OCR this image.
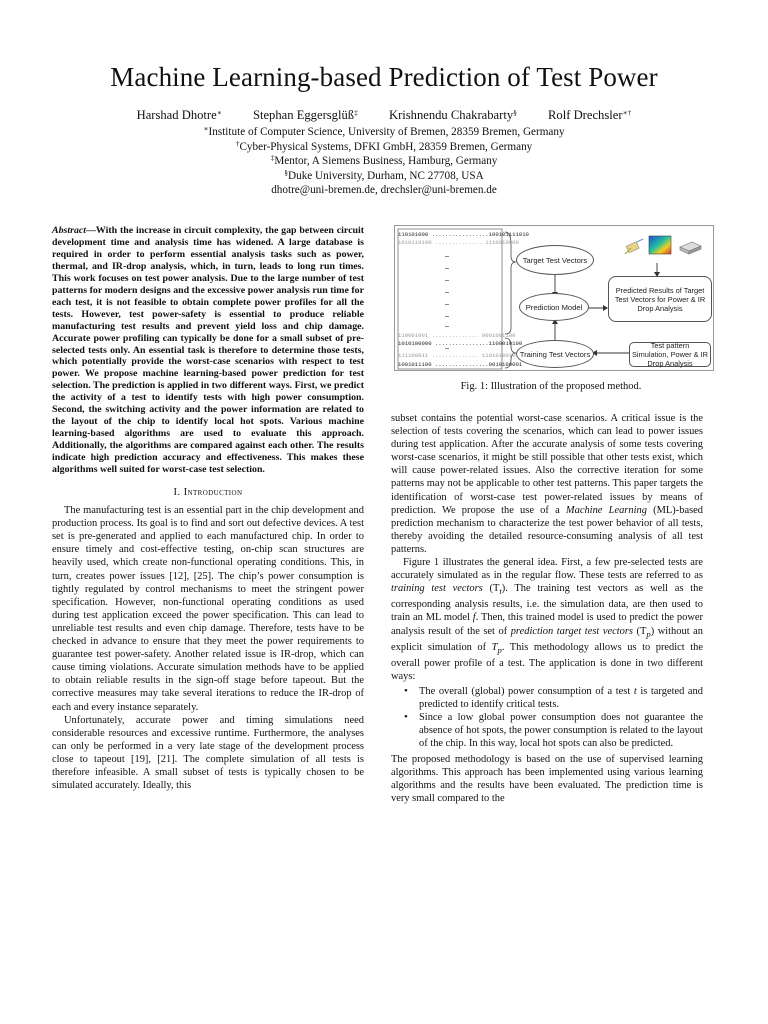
Machine Learning-based Prediction of Test Power
Harshad Dhotre∗ Stephan Eggersglüß‡ Krishnendu Chakrabarty§ Rolf Drechsler∗†
∗Institute of Computer Science, University of Bremen, 28359 Bremen, Germany
†Cyber-Physical Systems, DFKI GmbH, 28359 Bremen, Germany
‡Mentor, A Siemens Business, Hamburg, Germany
§Duke University, Durham, NC 27708, USA
dhotre@uni-bremen.de, drechsler@uni-bremen.de

Abstract—With the increase in circuit complexity, the gap between circuit development time and analysis time has widened. A large database is required in order to perform essential analysis tasks such as power, thermal, and IR-drop analysis, which, in turn, leads to long run times. This work focuses on test power analysis. Due to the large number of test patterns for modern designs and the excessive power analysis run time for each test, it is not feasible to obtain complete power profiles for all the tests. However, test power-safety is essential to produce reliable manufacturing test results and prevent yield loss and chip damage. Accurate power profiling can typically be done for a small subset of pre-selected tests only. An essential task is therefore to determine those tests, which potentially provide the worst-case scenarios with respect to test power. We propose machine learning-based power prediction for test selection. The prediction is applied in two different ways. First, we predict the activity of a test to identify tests with high power consumption. Second, the switching activity and the power information are related to the layout of the chip to identify local hot spots. Various machine learning-based algorithms are used to evaluate this approach. Additionally, the algorithms are compared against each other. The results indicate high prediction accuracy and effectiveness. This makes these algorithms well suited for worst-case test selection.

I. Introduction

The manufacturing test is an essential part in the chip development and production process. Its goal is to find and sort out defective devices. A test set is pre-generated and applied to each manufactured chip. In order to ensure timely and cost-effective testing, on-chip scan structures are heavily used, which create non-functional operating conditions. This, in turn, creates power issues [12], [25]. The chip’s power consumption is tightly regulated by control mechanisms to meet the stringent power specification. However, non-functional operating conditions as used during test application exceed the power specification. This can lead to unreliable test results and even chip damage. Therefore, tests have to be checked in advance to ensure that they meet the power requirements to guarantee test power-safety. Another related issue is IR-drop, which can cause timing violations. Accurate simulation methods have to be applied to obtain reliable results in the sign-off stage before tapeout. But the corrective measures may take several iterations to reduce the IR-drop of each and every instance separately.

Unfortunately, accurate power and timing simulations need considerable resources and excessive runtime. Furthermore, the analyses can only be performed in a very late stage of the development process close to tapeout [19], [21]. The complete simulation of all tests is therefore infeasible. A small subset of tests is typically chosen to be simulated accurately. Ideally, this

110101000 .................100101111010
1010110100 .............. 1110010000
110001001 .............. 0001001100
1010100000 ................1100010100
111100011 .............. 1101010010
1001011100 ................0010100001
Target Test Vectors
Prediction Model
Training Test Vectors
Predicted Results of Target Test Vectors for Power & IR Drop Analysis
Test pattern Simulation, Power & IR Drop Analysis
Fig. 1: Illustration of the proposed method.

subset contains the potential worst-case scenarios. A critical issue is the selection of tests covering the scenarios, which can lead to power issues during test application. After the accurate analysis of some tests covering worst-case scenarios, it might be still possible that other tests exist, which will cause power-related issues. Also the corrective iteration for some patterns may not be applicable to other test patterns. This paper targets the identification of worst-case test power-related issues by means of prediction. We propose the use of a Machine Learning (ML)-based prediction mechanism to characterize the test power behavior of all tests, thereby avoiding the detailed resource-consuming analysis of all test patterns.

Figure 1 illustrates the general idea. First, a few pre-selected tests are accurately simulated as in the regular flow. These tests are referred to as training test vectors $(T_t)$. The training test vectors as well as the corresponding analysis results, i.e. the simulation data, are then used to train an ML model f. Then, this trained model is used to predict the power analysis result of the set of prediction target test vectors $(T_p)$ without an explicit simulation of $T_p$. This methodology allows us to predict the overall power profile of a test. The application is done in two different ways:

• The overall (global) power consumption of a test t is targeted and predicted to identify critical tests.
• Since a low global power consumption does not guarantee the absence of hot spots, the power consumption is related to the layout of the chip. In this way, local hot spots can also be predicted.

The proposed methodology is based on the use of supervised learning algorithms. This approach has been implemented using various learning algorithms and the results have been evaluated. The prediction time is very small compared to the
